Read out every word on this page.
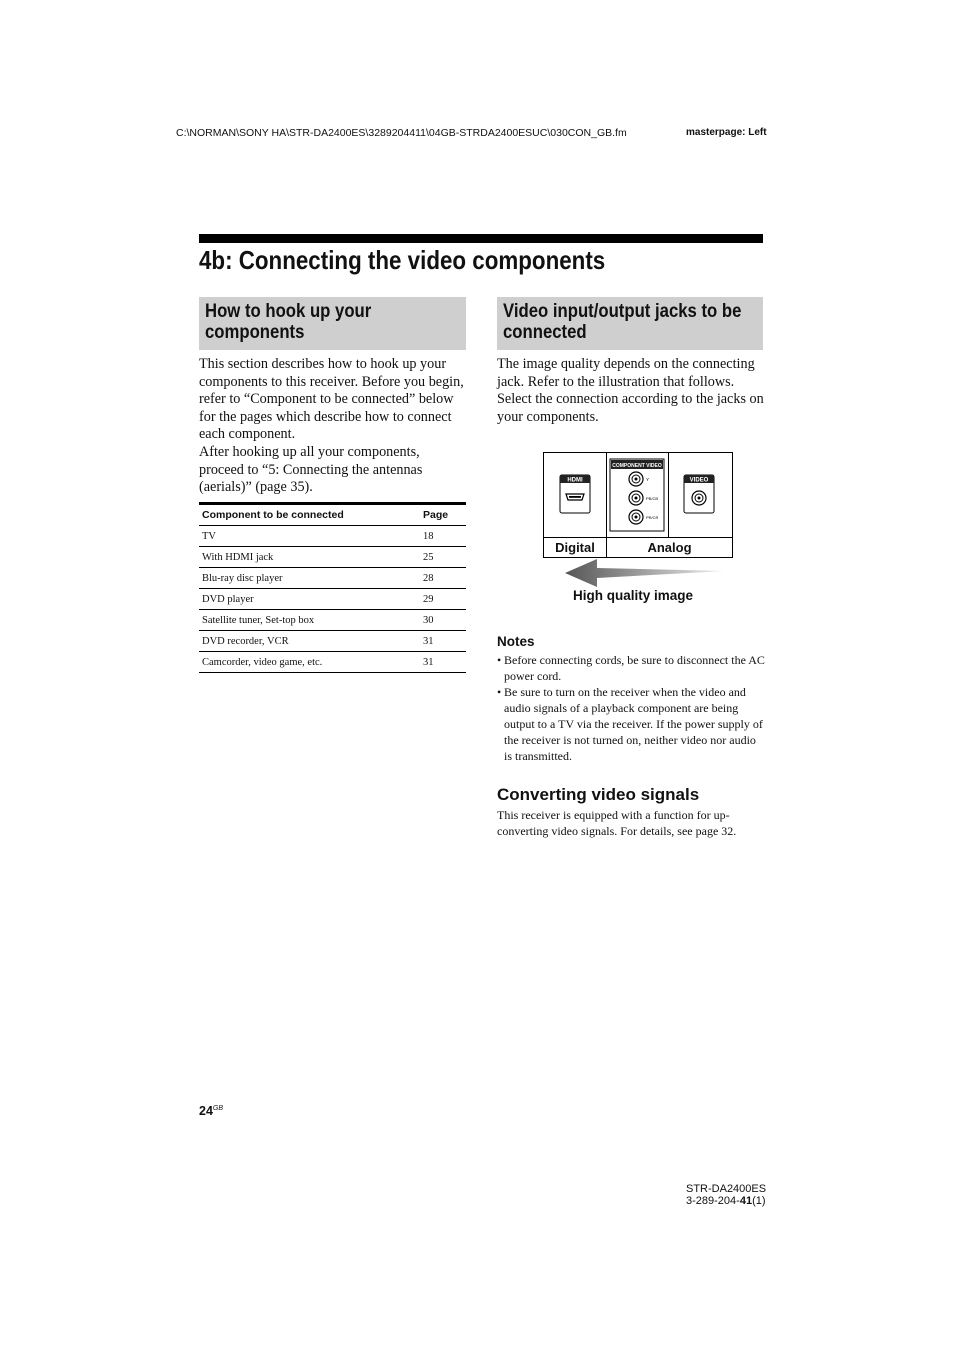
C:\NORMAN\SONY HA\STR-DA2400ES\3289204411\04GB-STRDA2400ESUC\030CON_GB.fm	masterpage: Left
4b: Connecting the video components
How to hook up your
components
This section describes how to hook up your components to this receiver. Before you begin, refer to “Component to be connected” below for the pages which describe how to connect each component.
After hooking up all your components, proceed to “5: Connecting the antennas (aerials)” (page 35).
Component to be connected	Page
TV	18
With HDMI jack	25
Blu-ray disc player	28
DVD player	29
Satellite tuner, Set-top box	30
DVD recorder, VCR	31
Camcorder, video game, etc.	31
Video input/output jacks to be
connected
The image quality depends on the connecting jack. Refer to the illustration that follows. Select the connection according to the jacks on your components.
HDMI
COMPONENT VIDEO
Y
PB/CB
PR/CR
VIDEO
Digital	Analog
High quality image
Notes
• Before connecting cords, be sure to disconnect the AC power cord.
• Be sure to turn on the receiver when the video and audio signals of a playback component are being output to a TV via the receiver. If the power supply of the receiver is not turned on, neither video nor audio is transmitted.
Converting video signals
This receiver is equipped with a function for up-converting video signals. For details, see page 32.
$24^{GB}$
STR-DA2400ES
3-289-204-41(1)
